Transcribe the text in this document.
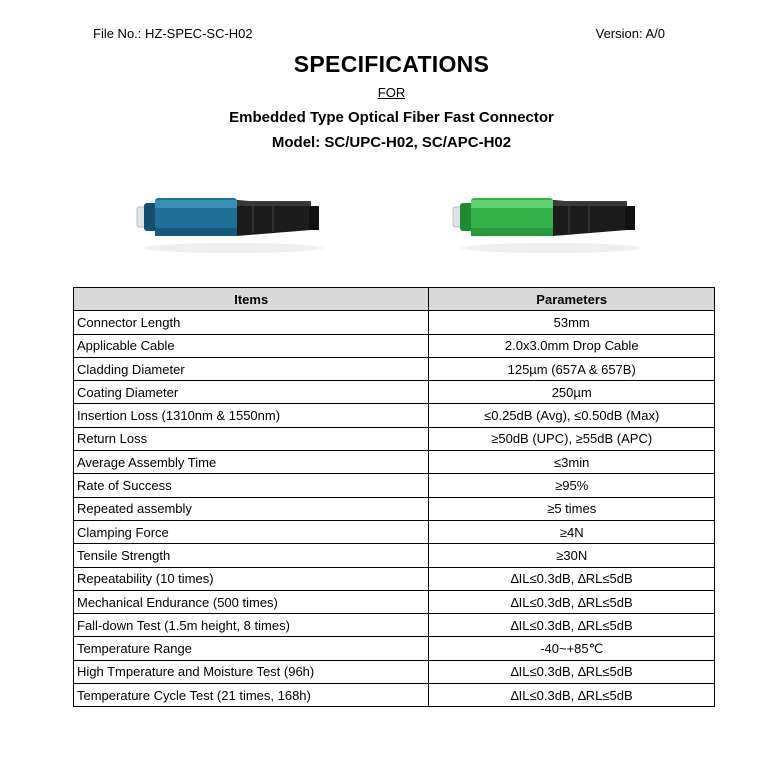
File No.: HZ-SPEC-SC-H02	Version: A/0
SPECIFICATIONS
FOR
Embedded Type Optical Fiber Fast Connector
Model: SC/UPC-H02, SC/APC-H02
Items	Parameters
Connector Length	53mm
Applicable Cable	2.0x3.0mm Drop Cable
Cladding Diameter	125µm (657A & 657B)
Coating Diameter	250µm
Insertion Loss (1310nm & 1550nm)	≤0.25dB (Avg), ≤0.50dB (Max)
Return Loss	≥50dB (UPC), ≥55dB (APC)
Average Assembly Time	≤3min
Rate of Success	≥95%
Repeated assembly	≥5 times
Clamping Force	≥4N
Tensile Strength	≥30N
Repeatability (10 times)	∆IL≤0.3dB, ∆RL≤5dB
Mechanical Endurance (500 times)	∆IL≤0.3dB, ∆RL≤5dB
Fall-down Test (1.5m height, 8 times)	∆IL≤0.3dB, ∆RL≤5dB
Temperature Range	-40~+85℃
High Tmperature and Moisture Test (96h)	∆IL≤0.3dB, ∆RL≤5dB
Temperature Cycle Test (21 times, 168h)	∆IL≤0.3dB, ∆RL≤5dB
